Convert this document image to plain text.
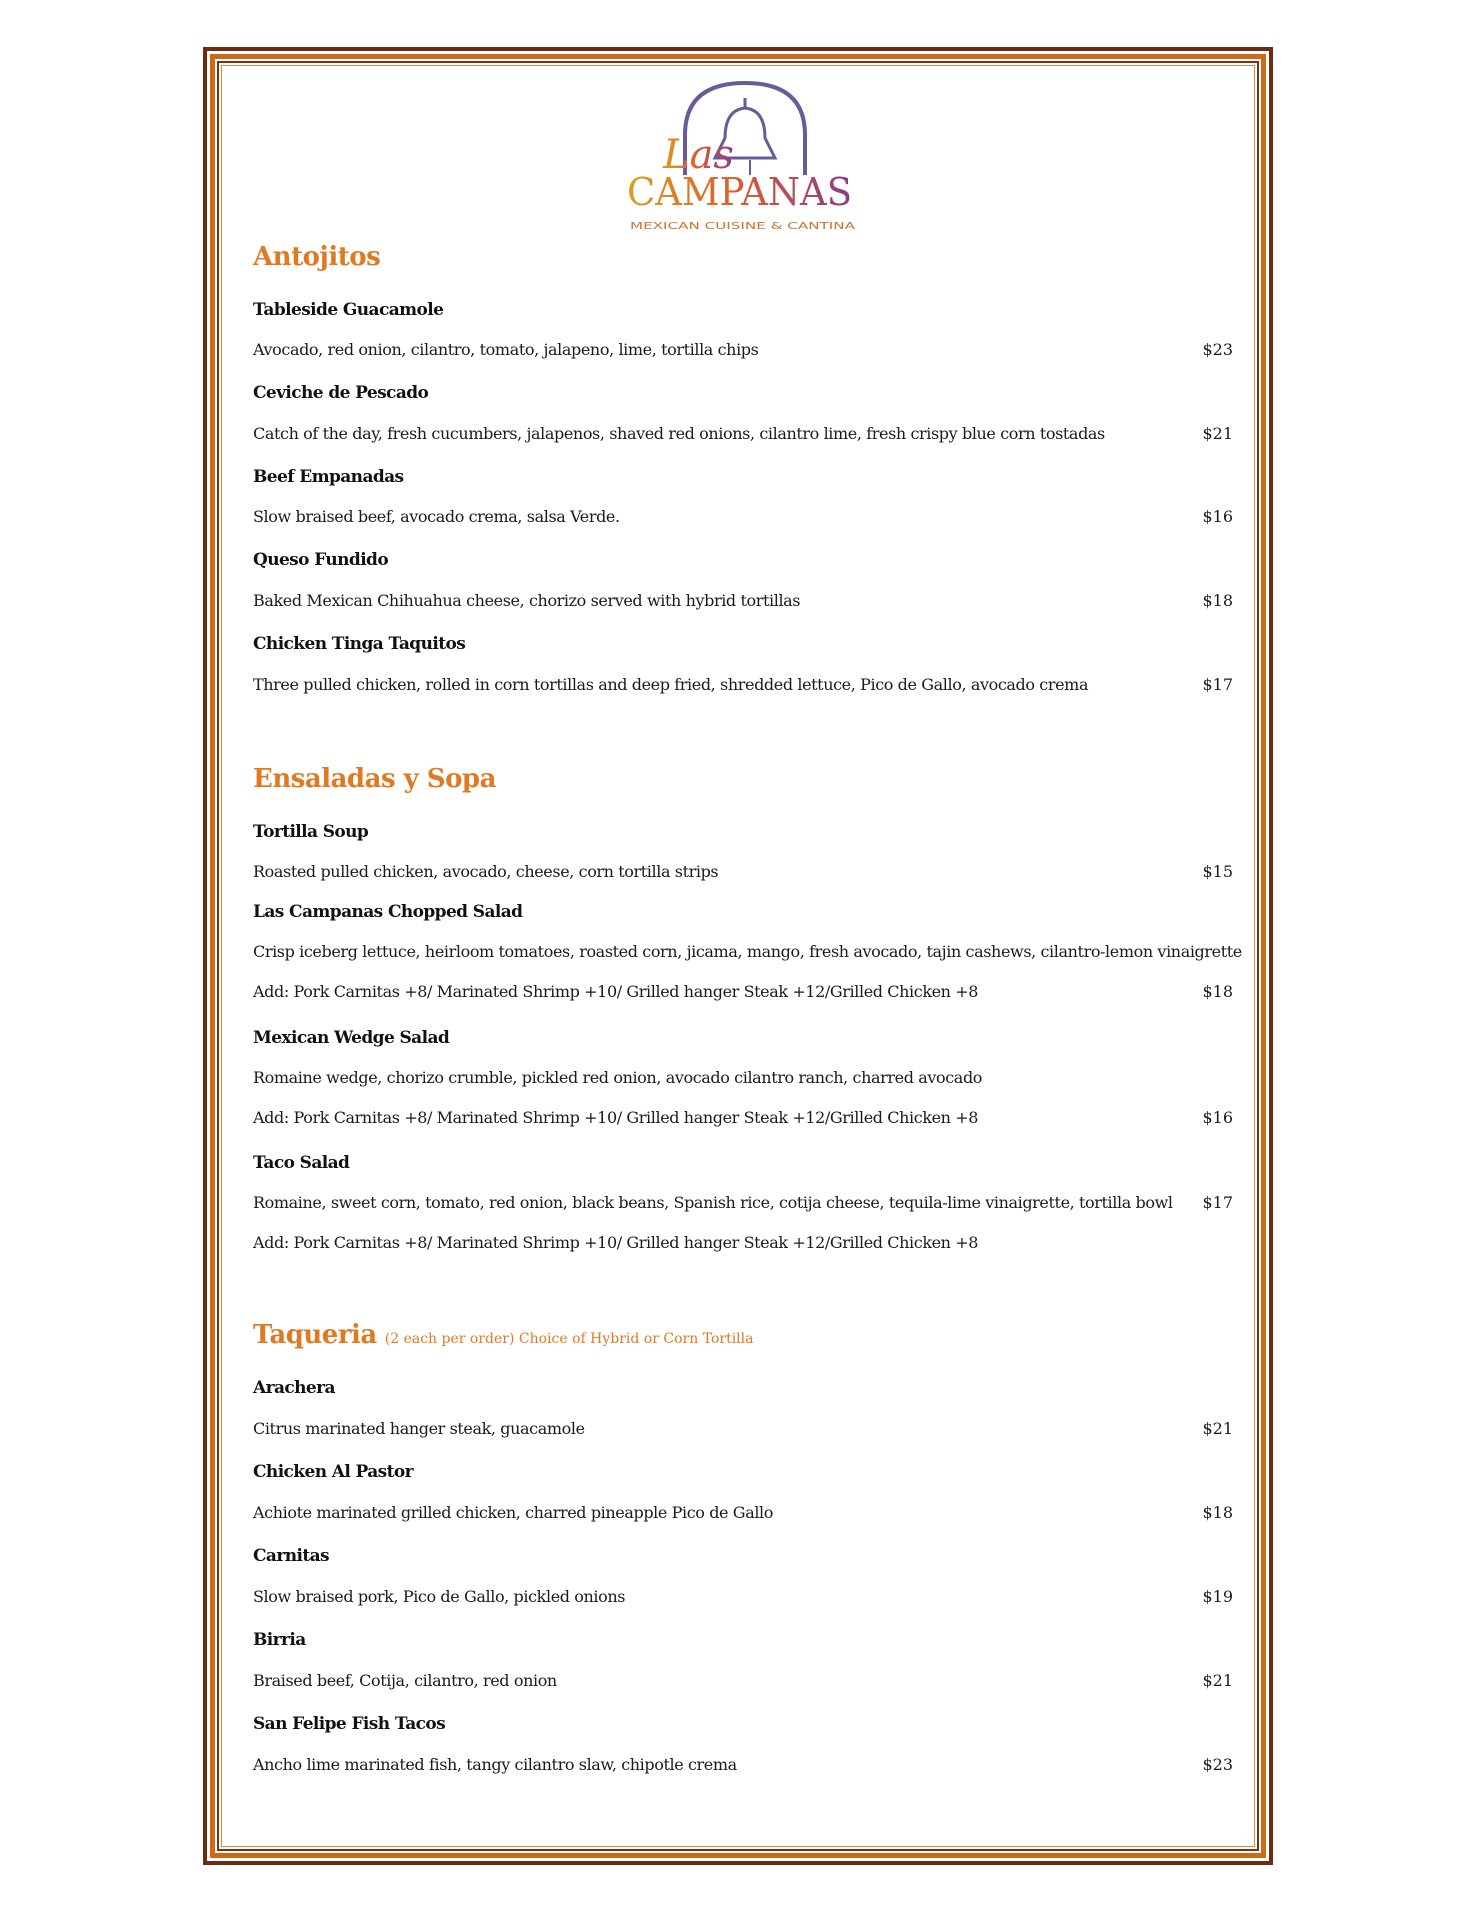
Las
CAMPANAS
MEXICAN CUISINE & CANTINA
Antojitos
Tableside Guacamole
Avocado, red onion, cilantro, tomato, jalapeno, lime, tortilla chips	$23
Ceviche de Pescado
Catch of the day, fresh cucumbers, jalapenos, shaved red onions, cilantro lime, fresh crispy blue corn tostadas	$21
Beef Empanadas
Slow braised beef, avocado crema, salsa Verde.	$16
Queso Fundido
Baked Mexican Chihuahua cheese, chorizo served with hybrid tortillas	$18
Chicken Tinga Taquitos
Three pulled chicken, rolled in corn tortillas and deep fried, shredded lettuce, Pico de Gallo, avocado crema	$17
Ensaladas y Sopa
Tortilla Soup
Roasted pulled chicken, avocado, cheese, corn tortilla strips	$15
Las Campanas Chopped Salad
Crisp iceberg lettuce, heirloom tomatoes, roasted corn, jicama, mango, fresh avocado, tajin cashews, cilantro-lemon vinaigrette
Add: Pork Carnitas +8/ Marinated Shrimp +10/ Grilled hanger Steak +12/Grilled Chicken +8	$18
Mexican Wedge Salad
Romaine wedge, chorizo crumble, pickled red onion, avocado cilantro ranch, charred avocado
Add: Pork Carnitas +8/ Marinated Shrimp +10/ Grilled hanger Steak +12/Grilled Chicken +8	$16
Taco Salad
Romaine, sweet corn, tomato, red onion, black beans, Spanish rice, cotija cheese, tequila-lime vinaigrette, tortilla bowl $17
Add: Pork Carnitas +8/ Marinated Shrimp +10/ Grilled hanger Steak +12/Grilled Chicken +8
Taqueria (2 each per order) Choice of Hybrid or Corn Tortilla
Arachera
Citrus marinated hanger steak, guacamole	$21
Chicken Al Pastor
Achiote marinated grilled chicken, charred pineapple Pico de Gallo	$18
Carnitas
Slow braised pork, Pico de Gallo, pickled onions	$19
Birria
Braised beef, Cotija, cilantro, red onion	$21
San Felipe Fish Tacos
Ancho lime marinated fish, tangy cilantro slaw, chipotle crema	$23
